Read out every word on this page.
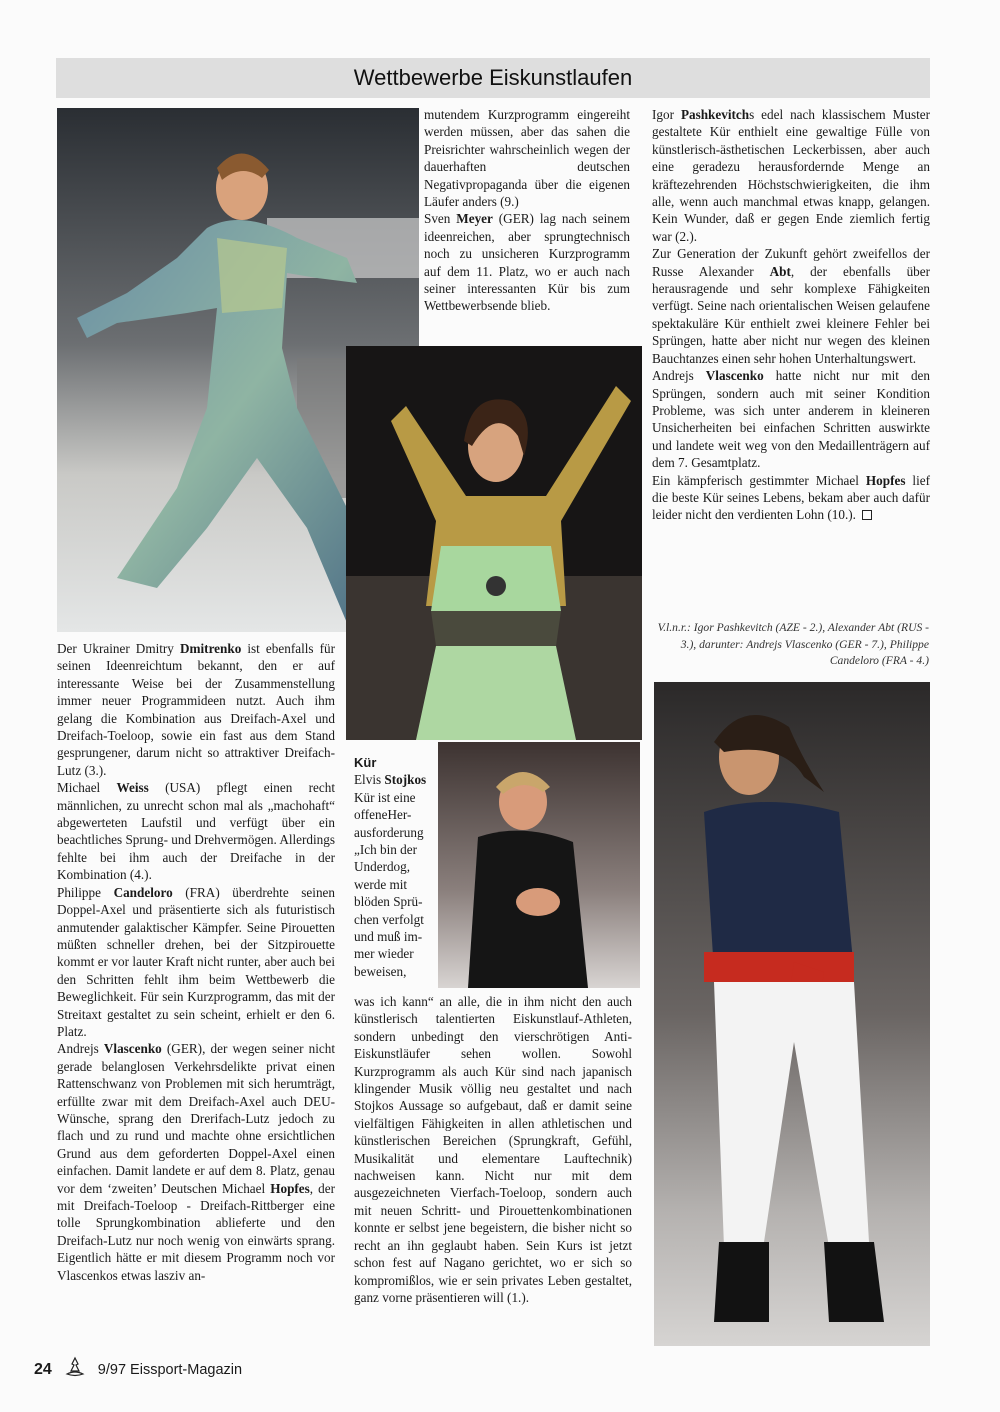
Wettbewerbe Eiskunstlaufen

Der Ukrainer Dmitry Dmitrenko ist ebenfalls für seinen Ideenreichtum bekannt, den er auf interessante Weise bei der Zusammenstellung immer neuer Programmideen nutzt. Auch ihm gelang die Kombination aus Dreifach-Axel und Dreifach-Toeloop, sowie ein fast aus dem Stand gesprungener, darum nicht so attraktiver Dreifach-Lutz (3.).

Michael Weiss (USA) pflegt einen recht männlichen, zu unrecht schon mal als „machohaft“ abgewerteten Laufstil und verfügt über ein beachtliches Sprung- und Drehvermögen. Allerdings fehlte bei ihm auch der Dreifache in der Kombination (4.).

Philippe Candeloro (FRA) überdrehte seinen Doppel-Axel und präsentierte sich als futuristisch anmutender galaktischer Kämpfer. Seine Pirouetten müßten schneller drehen, bei der Sitzpirouette kommt er vor lauter Kraft nicht runter, aber auch bei den Schritten fehlt ihm beim Wettbewerb die Beweglichkeit. Für sein Kurzprogramm, das mit der Streitaxt gestaltet zu sein scheint, erhielt er den 6. Platz.

Andrejs Vlascenko (GER), der wegen seiner nicht gerade belanglosen Verkehrsdelikte privat einen Rattenschwanz von Problemen mit sich herumträgt, erfüllte zwar mit dem Dreifach-Axel auch DEU-Wünsche, sprang den Drerifach-Lutz jedoch zu flach und zu rund und machte ohne ersichtlichen Grund aus dem geforderten Doppel-Axel einen einfachen. Damit landete er auf dem 8. Platz, genau vor dem ‘zweiten’ Deutschen Michael Hopfes, der mit Dreifach-Toeloop - Dreifach-Rittberger eine tolle Sprungkombination ablieferte und den Dreifach-Lutz nur noch wenig von einwärts sprang. Eigentlich hätte er mit diesem Programm noch vor Vlascenkos etwas lasziv an-

mutendem Kurzprogramm eingereiht werden müssen, aber das sahen die Preisrichter wahrscheinlich wegen der dauerhaften deutschen Negativpropaganda über die eigenen Läufer anders (9.)

Sven Meyer (GER) lag nach seinem ideenreichen, aber sprungtechnisch noch zu unsicheren Kurzprogramm auf dem 11. Platz, wo er auch nach seiner interessanten Kür bis zum Wettbewerbsende blieb.

Kür
Elvis Stojkos
Kür ist eine
offeneHer-
ausforderung
„Ich bin der
Underdog,
werde mit
blöden Sprü-
chen verfolgt
und muß im-
mer wieder
beweisen,

was ich kann“ an alle, die in ihm nicht den auch künstlerisch talentierten Eiskunstlauf-Athleten, sondern unbedingt den vierschrötigen Anti-Eiskunstläufer sehen wollen. Sowohl Kurzprogramm als auch Kür sind nach japanisch klingender Musik völlig neu gestaltet und nach Stojkos Aussage so aufgebaut, daß er damit seine vielfältigen Fähigkeiten in allen athletischen und künstlerischen Bereichen (Sprungkraft, Gefühl, Musikalität und elementare Lauftechnik) nachweisen kann. Nicht nur mit dem ausgezeichneten Vierfach-Toeloop, sondern auch mit neuen Schritt- und Pirouettenkombinationen konnte er selbst jene begeistern, die bisher nicht so recht an ihn geglaubt haben. Sein Kurs ist jetzt schon fest auf Nagano gerichtet, wo er sich so kompromißlos, wie er sein privates Leben gestaltet, ganz vorne präsentieren will (1.).

Igor Pashkevitchs edel nach klassischem Muster gestaltete Kür enthielt eine gewaltige Fülle von künstlerisch-ästhetischen Leckerbissen, aber auch eine geradezu herausfordernde Menge an kräftezehrenden Höchstschwierigkeiten, die ihm alle, wenn auch manchmal etwas knapp, gelangen. Kein Wunder, daß er gegen Ende ziemlich fertig war (2.).

Zur Generation der Zukunft gehört zweifellos der Russe Alexander Abt, der ebenfalls über herausragende und sehr komplexe Fähigkeiten verfügt. Seine nach orientalischen Weisen gelaufene spektakuläre Kür enthielt zwei kleinere Fehler bei Sprüngen, hatte aber nicht nur wegen des kleinen Bauchtanzes einen sehr hohen Unterhaltungswert.

Andrejs Vlascenko hatte nicht nur mit den Sprüngen, sondern auch mit seiner Kondition Probleme, was sich unter anderem in kleineren Unsicherheiten bei einfachen Schritten auswirkte und landete weit weg von den Medaillenträgern auf dem 7. Gesamtplatz.

Ein kämpferisch gestimmter Michael Hopfes lief die beste Kür seines Lebens, bekam aber auch dafür leider nicht den verdienten Lohn (10.).

V.l.n.r.: Igor Pashkevitch (AZE - 2.), Alexander Abt (RUS - 3.), darunter: Andrejs Vlascenko (GER - 7.), Philippe Candeloro (FRA - 4.)
24	9/97 Eissport-Magazin
